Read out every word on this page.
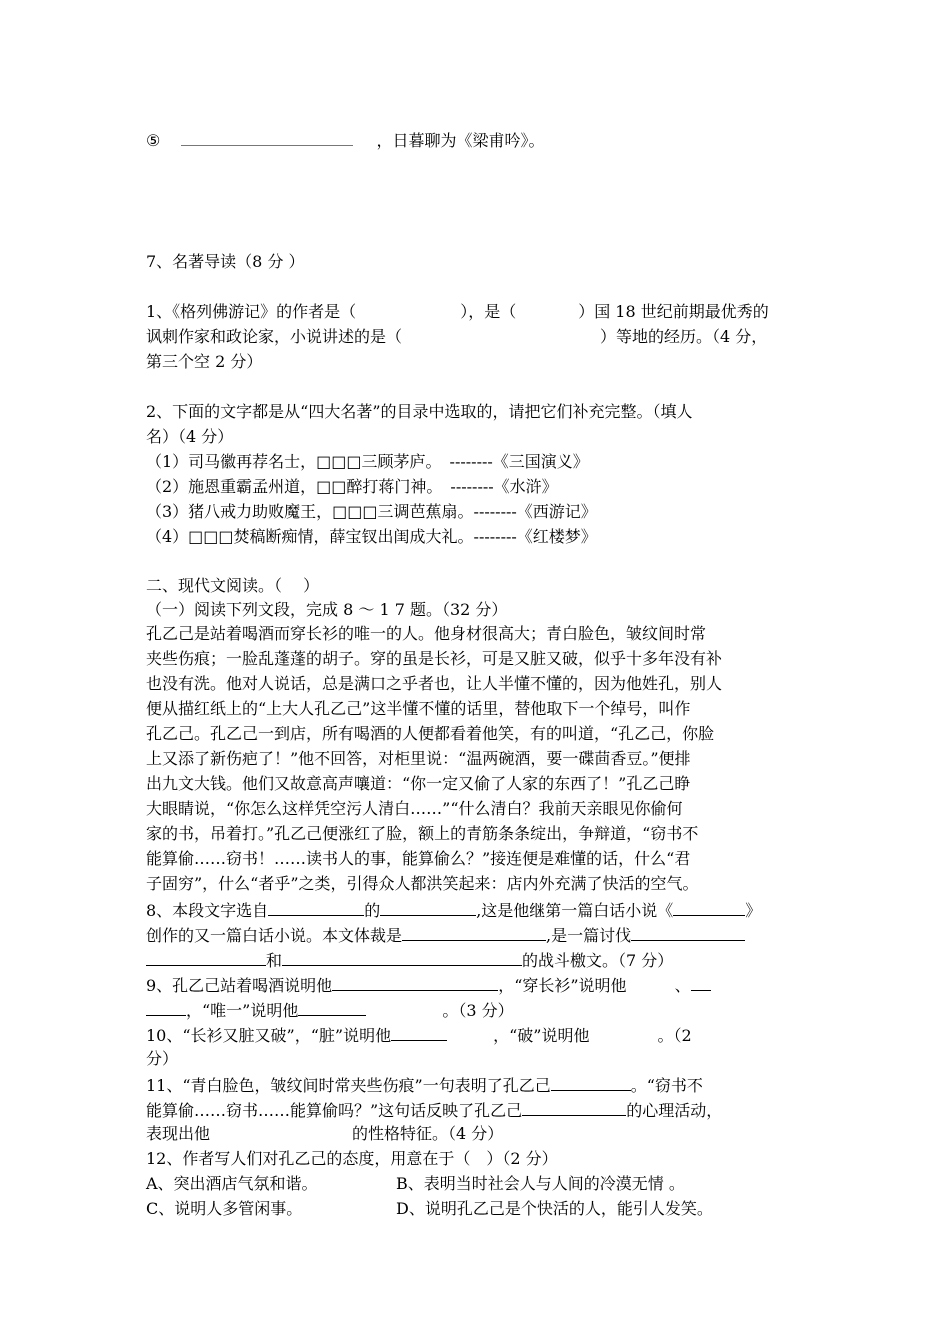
⑤	，日暮聊为《梁甫吟》。
7、名著导读（8 分 ）
1、《格列佛游记》的作者是（	），是（	）国 18 世纪前期最优秀的
讽刺作家和政论家，小说讲述的是（	）等地的经历。（4 分，
第三个空 2 分）
2、下面的文字都是从“四大名著”的目录中选取的，请把它们补充完整。（填人
名）（4 分）
（1）司马徽再荐名士，□□□三顾茅庐。　--------《三国演义》
（2）施恩重霸孟州道，□□醉打蒋门神。　--------《水浒》
（3）猪八戒力助败魔王，□□□三调芭蕉扇。--------《西游记》
（4）□□□焚稿断痴情，薛宝钗出闺成大礼。--------《红楼梦》
二、现代文阅读。（　 ）
（一）阅读下列文段，完成 8 ～ 1 7 题。（32 分）
孔乙己是站着喝酒而穿长衫的唯一的人。他身材很高大；青白脸色，皱纹间时常
夹些伤痕；一脸乱蓬蓬的胡子。穿的虽是长衫，可是又脏又破，似乎十多年没有补
也没有洗。他对人说话，总是满口之乎者也，让人半懂不懂的，因为他姓孔，别人
便从描红纸上的“上大人孔乙己”这半懂不懂的话里，替他取下一个绰号，叫作
孔乙己。孔乙己一到店，所有喝酒的人便都看着他笑，有的叫道，“孔乙己，你脸
上又添了新伤疤了！”他不回答，对柜里说：“温两碗酒，要一碟茴香豆。”便排
出九文大钱。他们又故意高声嚷道：“你一定又偷了人家的东西了！”孔乙己睁
大眼睛说，“你怎么这样凭空污人清白……”“什么清白？我前天亲眼见你偷何
家的书，吊着打。”孔乙己便涨红了脸，额上的青筋条条绽出，争辩道，“窃书不
能算偷……窃书！……读书人的事，能算偷么？”接连便是难懂的话，什么“君
子固穷”，什么“者乎”之类，引得众人都洪笑起来：店内外充满了快活的空气。
8、本段文字选自	的	,这是他继第一篇白话小说《	》
创作的又一篇白话小说。本文体裁是	,是一篇讨伐
和	的战斗檄文。（7 分）
9、孔乙己站着喝酒说明他	，“穿长衫”说明他	、
，“唯一”说明他	。（3 分）
10、“长衫又脏又破”，“脏”说明他	，“破”说明他	。（2
分）
11、“青白脸色，皱纹间时常夹些伤痕”一句表明了孔乙己	。“窃书不
能算偷……窃书……能算偷吗？”这句话反映了孔乙己	的心理活动，
表现出他	的性格特征。（4 分）
12、作者写人们对孔乙己的态度，用意在于（　）（2 分）
A、突出酒店气氛和谐。	B、表明当时社会人与人间的冷漠无情 。
C、说明人多管闲事。	D、说明孔乙己是个快活的人，能引人发笑。
